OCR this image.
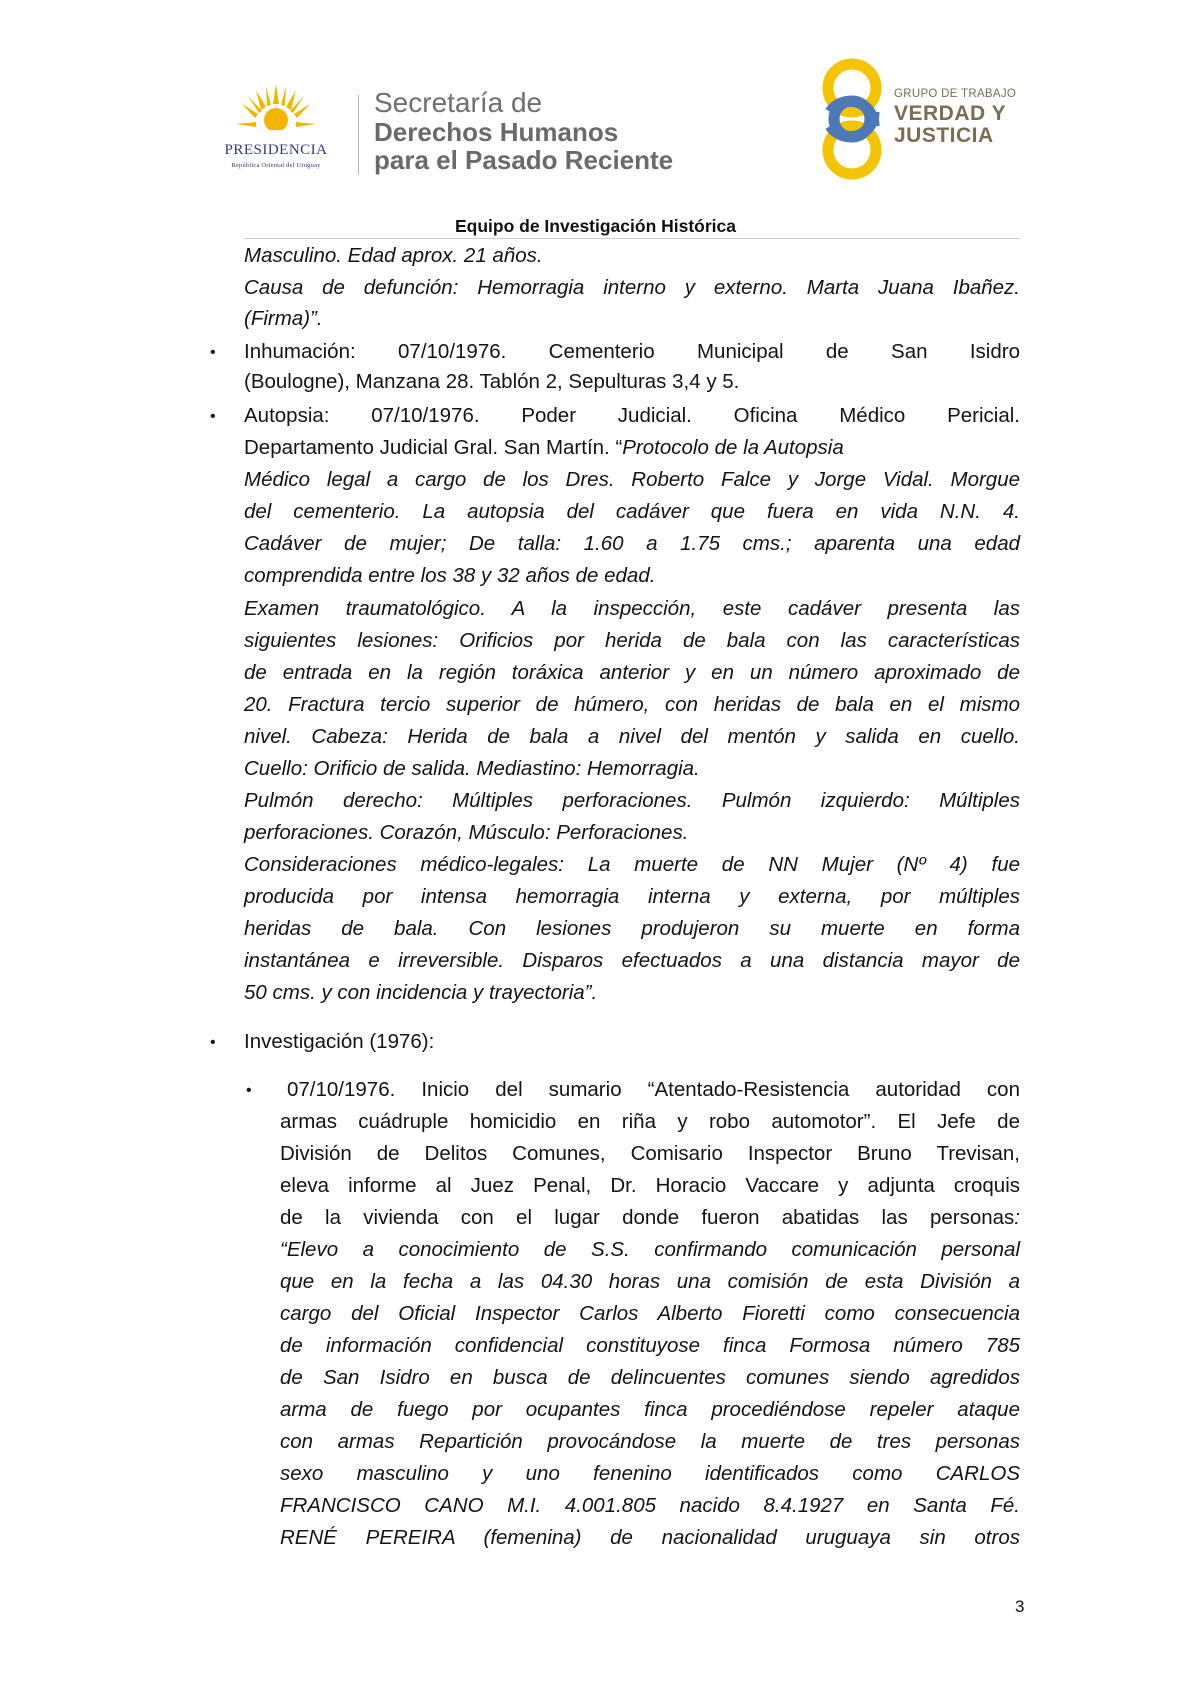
PRESIDENCIA
República Oriental del Uruguay
Secretaría de
Derechos Humanos
para el Pasado Reciente
GRUPO DE TRABAJO
VERDAD Y
JUSTICIA
Equipo de Investigación Histórica
Masculino. Edad aprox. 21 años.
Causa de defunción: Hemorragia interno y externo. Marta Juana Ibañez.
(Firma)”.
• Inhumación: 07/10/1976. Cementerio Municipal de San Isidro
(Boulogne), Manzana 28. Tablón 2, Sepulturas 3,4 y 5.
• Autopsia: 07/10/1976. Poder Judicial. Oficina Médico Pericial.
Departamento Judicial Gral. San Martín. “Protocolo de la Autopsia
Médico legal a cargo de los Dres. Roberto Falce y Jorge Vidal. Morgue
del cementerio. La autopsia del cadáver que fuera en vida N.N. 4.
Cadáver de mujer; De talla: 1.60 a 1.75 cms.; aparenta una edad
comprendida entre los 38 y 32 años de edad.
Examen traumatológico. A la inspección, este cadáver presenta las
siguientes lesiones: Orificios por herida de bala con las características
de entrada en la región toráxica anterior y en un número aproximado de
20. Fractura tercio superior de húmero, con heridas de bala en el mismo
nivel. Cabeza: Herida de bala a nivel del mentón y salida en cuello.
Cuello: Orificio de salida. Mediastino: Hemorragia.
Pulmón derecho: Múltiples perforaciones. Pulmón izquierdo: Múltiples
perforaciones. Corazón, Músculo: Perforaciones.
Consideraciones médico-legales: La muerte de NN Mujer (Nº 4) fue
producida por intensa hemorragia interna y externa, por múltiples
heridas de bala. Con lesiones produjeron su muerte en forma
instantánea e irreversible. Disparos efectuados a una distancia mayor de
50 cms. y con incidencia y trayectoria”.
• Investigación (1976):
• 07/10/1976. Inicio del sumario “Atentado-Resistencia autoridad con
armas cuádruple homicidio en riña y robo automotor”. El Jefe de
División de Delitos Comunes, Comisario Inspector Bruno Trevisan,
eleva informe al Juez Penal, Dr. Horacio Vaccare y adjunta croquis
de la vivienda con el lugar donde fueron abatidas las personas :
“Elevo a conocimiento de S.S. confirmando comunicación personal
que en la fecha a las 04.30 horas una comisión de esta División a
cargo del Oficial Inspector Carlos Alberto Fioretti como consecuencia
de información confidencial constituyose finca Formosa número 785
de San Isidro en busca de delincuentes comunes siendo agredidos
arma de fuego por ocupantes finca procediéndose repeler ataque
con armas Repartición provocándose la muerte de tres personas
sexo masculino y uno fenenino identificados como CARLOS
FRANCISCO CANO M.I. 4.001.805 nacido 8.4.1927 en Santa Fé.
RENÉ PEREIRA (femenina) de nacionalidad uruguaya sin otros
3
